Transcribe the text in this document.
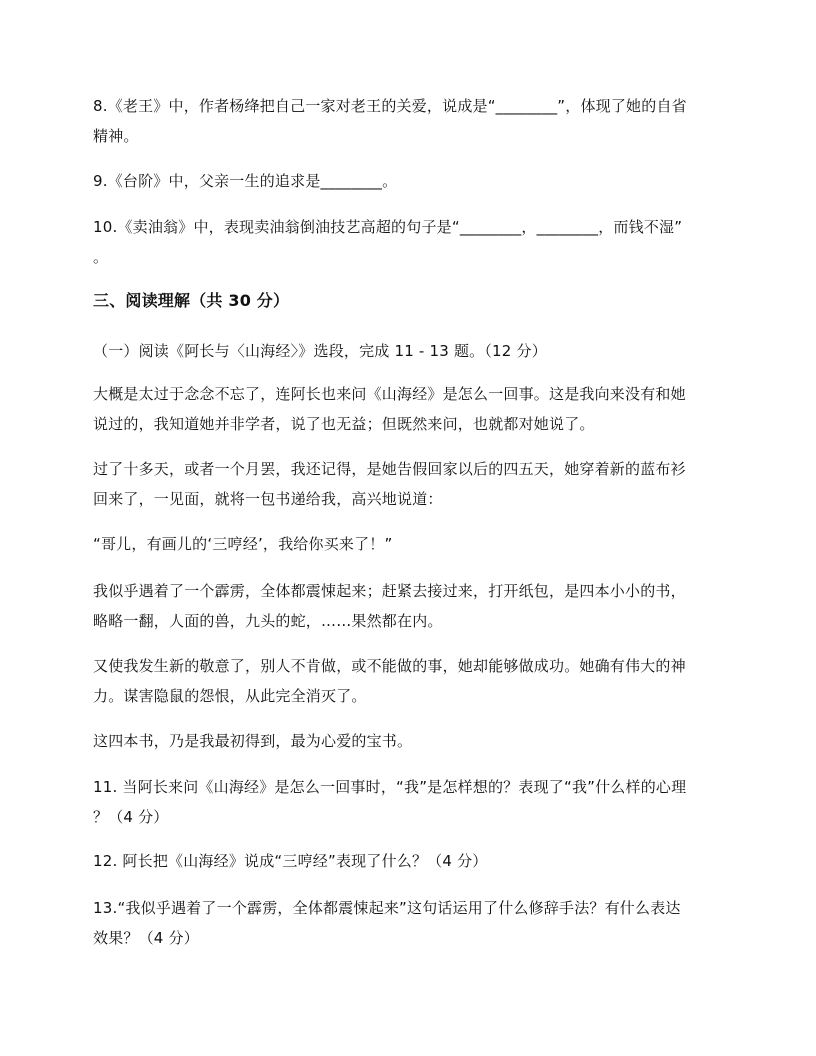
8.《老王》中，作者杨绛把自己一家对老王的关爱，说成是“________”，体现了她的自省
精神。
9.《台阶》中，父亲一生的追求是________。
10.《卖油翁》中，表现卖油翁倒油技艺高超的句子是“________，________，而钱不湿”
。
三、阅读理解（共 30 分）
（一）阅读《阿长与〈山海经〉》选段，完成 11 - 13 题。（12 分）
大概是太过于念念不忘了，连阿长也来问《山海经》是怎么一回事。这是我向来没有和她
说过的，我知道她并非学者，说了也无益；但既然来问，也就都对她说了。
过了十多天，或者一个月罢，我还记得，是她告假回家以后的四五天，她穿着新的蓝布衫
回来了，一见面，就将一包书递给我，高兴地说道：
“哥儿，有画儿的‘三哼经’，我给你买来了！”
我似乎遇着了一个霹雳，全体都震悚起来；赶紧去接过来，打开纸包，是四本小小的书，
略略一翻，人面的兽，九头的蛇，……果然都在内。
又使我发生新的敬意了，别人不肯做，或不能做的事，她却能够做成功。她确有伟大的神
力。谋害隐鼠的怨恨，从此完全消灭了。
这四本书，乃是我最初得到，最为心爱的宝书。
11. 当阿长来问《山海经》是怎么一回事时，“我”是怎样想的？表现了“我”什么样的心理
？（4 分）
12. 阿长把《山海经》说成“三哼经”表现了什么？（4 分）
13.“我似乎遇着了一个霹雳，全体都震悚起来”这句话运用了什么修辞手法？有什么表达
效果？（4 分）
